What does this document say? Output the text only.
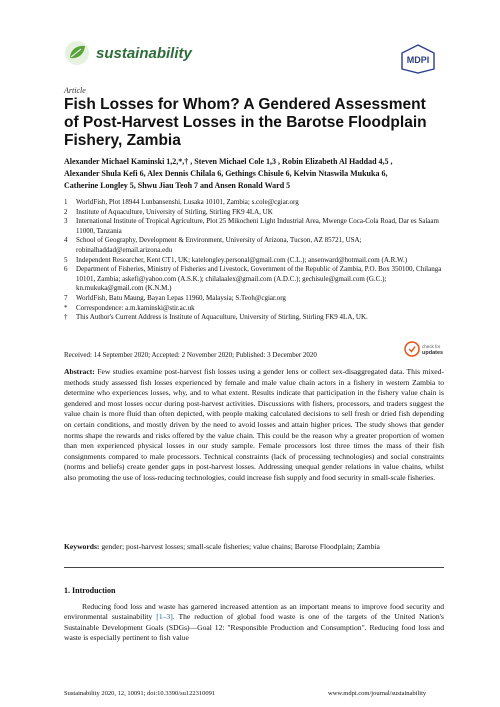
sustainability	MDPI
Article
Fish Losses for Whom? A Gendered Assessment of Post-Harvest Losses in the Barotse Floodplain Fishery, Zambia
Alexander Michael Kaminski 1,2,*,† , Steven Michael Cole 1,3 , Robin Elizabeth Al Haddad 4,5 ,
Alexander Shula Kefi 6, Alex Dennis Chilala 6, Gethings Chisule 6, Kelvin Ntaswila Mukuka 6,
Catherine Longley 5, Shwu Jiau Teoh 7 and Ansen Ronald Ward 5
1	WorldFish, Plot 18944 Lunbansenshi, Lusaka 10101, Zambia; s.cole@cgiar.org
2	Institute of Aquaculture, University of Stirling, Stirling FK9 4LA, UK
3	International Institute of Tropical Agriculture, Plot 25 Mikocheni Light Industrial Area, Mwenge Coca-Cola Road, Dar es Salaam 11000, Tanzania
4	School of Geography, Development & Environment, University of Arizona, Tucson, AZ 85721, USA; robinalhaddad@email.arizona.edu
5	Independent Researcher, Kent CT1, UK; katelongley.personal@gmail.com (C.L.); ansenward@hotmail.com (A.R.W.)
6	Department of Fisheries, Ministry of Fisheries and Livestock, Government of the Republic of Zambia, P.O. Box 350100, Chilanga 10101, Zambia; askefi@yahoo.com (A.S.K.); chilalaalex@gmail.com (A.D.C.); gechisule@gmail.com (G.C.); kn.mukuka@gmail.com (K.N.M.)
7	WorldFish, Batu Maung, Bayan Lepas 11960, Malaysia; S.Teoh@cgiar.org
*	Correspondence: a.m.kaminski@stir.ac.uk
†	This Author's Current Address is Institute of Aquaculture, University of Stirling, Stirling FK9 4LA, UK.
Received: 14 September 2020; Accepted: 2 November 2020; Published: 3 December 2020
check for
updates
Abstract: Few studies examine post-harvest fish losses using a gender lens or collect sex-disaggregated data. This mixed-methods study assessed fish losses experienced by female and male value chain actors in a fishery in western Zambia to determine who experiences losses, why, and to what extent. Results indicate that participation in the fishery value chain is gendered and most losses occur during post-harvest activities. Discussions with fishers, processors, and traders suggest the value chain is more fluid than often depicted, with people making calculated decisions to sell fresh or dried fish depending on certain conditions, and mostly driven by the need to avoid losses and attain higher prices. The study shows that gender norms shape the rewards and risks offered by the value chain. This could be the reason why a greater proportion of women than men experienced physical losses in our study sample. Female processors lost three times the mass of their fish consignments compared to male processors. Technical constraints (lack of processing technologies) and social constraints (norms and beliefs) create gender gaps in post-harvest losses. Addressing unequal gender relations in value chains, whilst also promoting the use of loss-reducing technologies, could increase fish supply and food security in small-scale fisheries.
Keywords: gender; post-harvest losses; small-scale fisheries; value chains; Barotse Floodplain; Zambia
1. Introduction
Reducing food loss and waste has garnered increased attention as an important means to improve food security and environmental sustainability [1–3]. The reduction of global food waste is one of the targets of the United Nation's Sustainable Development Goals (SDGs)—Goal 12: "Responsible Production and Consumption". Reducing food loss and waste is especially pertinent to fish value
Sustainability 2020, 12, 10091; doi:10.3390/su122310091	www.mdpi.com/journal/sustainability
